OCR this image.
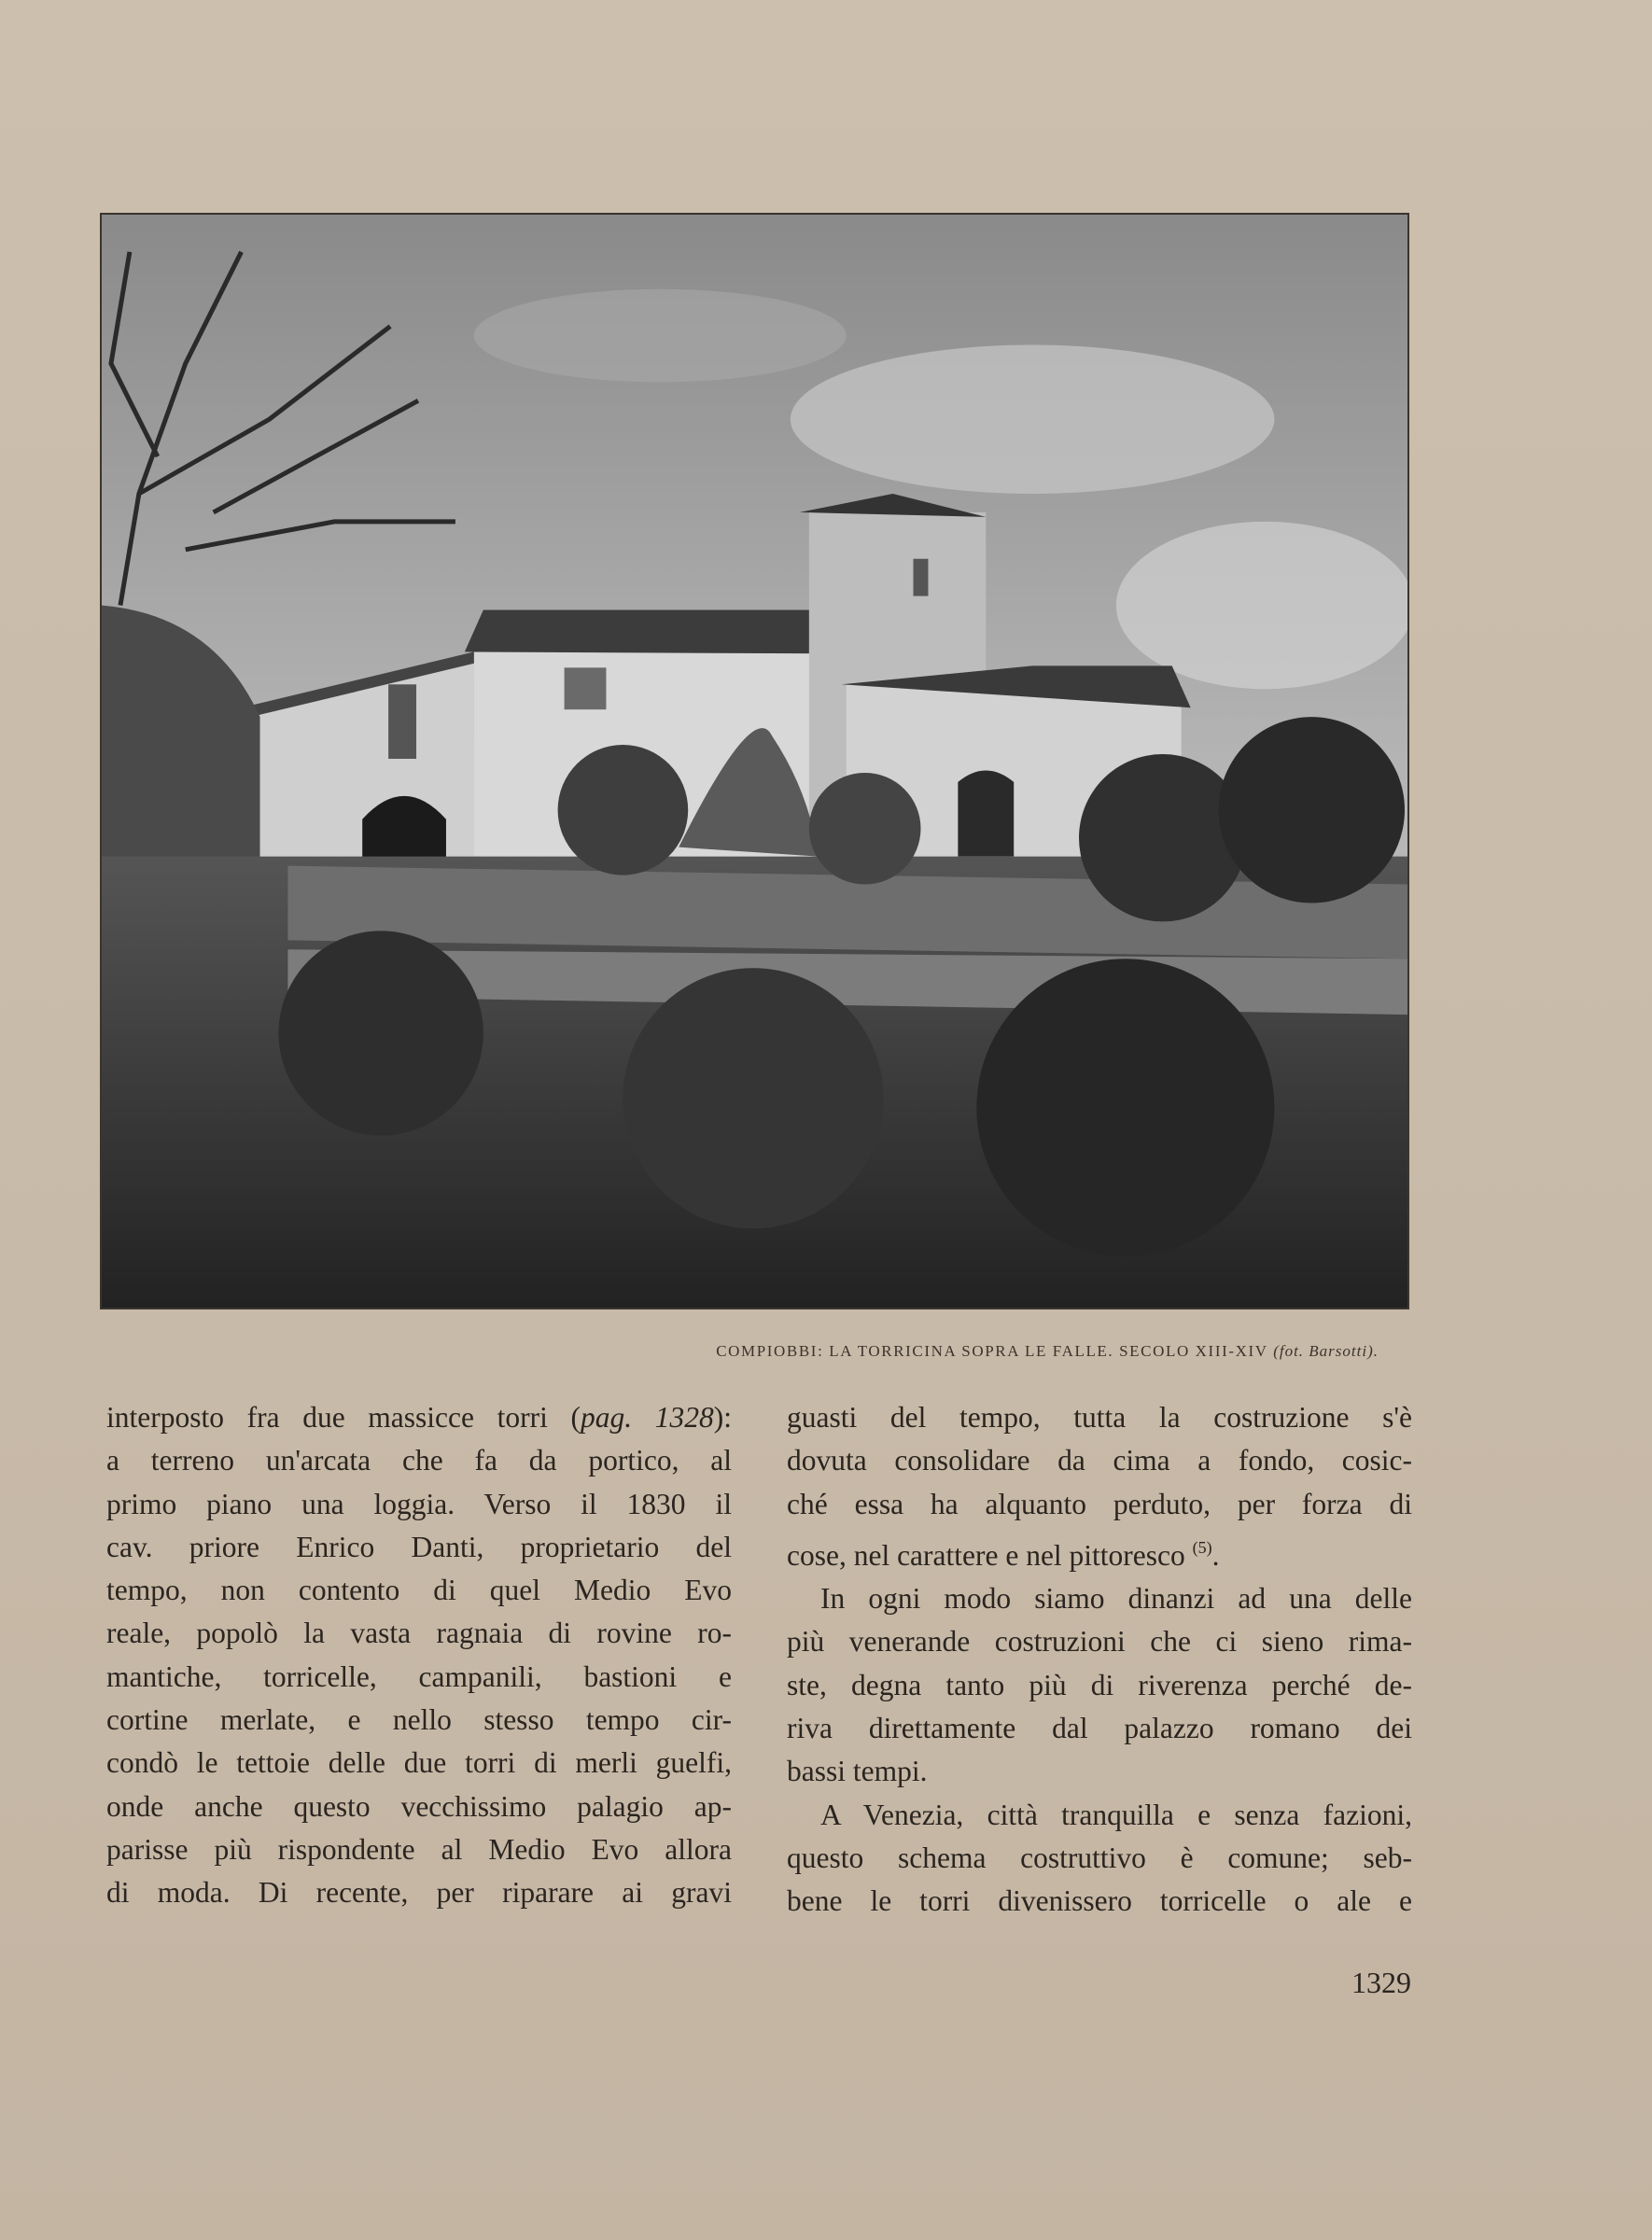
COMPIOBBI: LA TORRICINA SOPRA LE FALLE. SECOLO XIII-XIV (fot. Barsotti).

interposto fra due massicce torri (pag. 1328):

a terreno un'arcata che fa da portico, al

primo piano una loggia. Verso il 1830 il

cav. priore Enrico Danti, proprietario del

tempo, non contento di quel Medio Evo

reale, popolò la vasta ragnaia di rovine ro-

mantiche, torricelle, campanili, bastioni e

cortine merlate, e nello stesso tempo cir-

condò le tettoie delle due torri di merli guelfi,

onde anche questo vecchissimo palagio ap-

parisse più rispondente al Medio Evo allora

di moda. Di recente, per riparare ai gravi

guasti del tempo, tutta la costruzione s'è

dovuta consolidare da cima a fondo, cosic-

ché essa ha alquanto perduto, per forza di

cose, nel carattere e nel pittoresco $^{(5)}$.

In ogni modo siamo dinanzi ad una delle

più venerande costruzioni che ci sieno rima-

ste, degna tanto più di riverenza perché de-

riva direttamente dal palazzo romano dei

bassi tempi.

A Venezia, città tranquilla e senza fazioni,

questo schema costruttivo è comune; seb-

bene le torri divenissero torricelle o ale e

1329
